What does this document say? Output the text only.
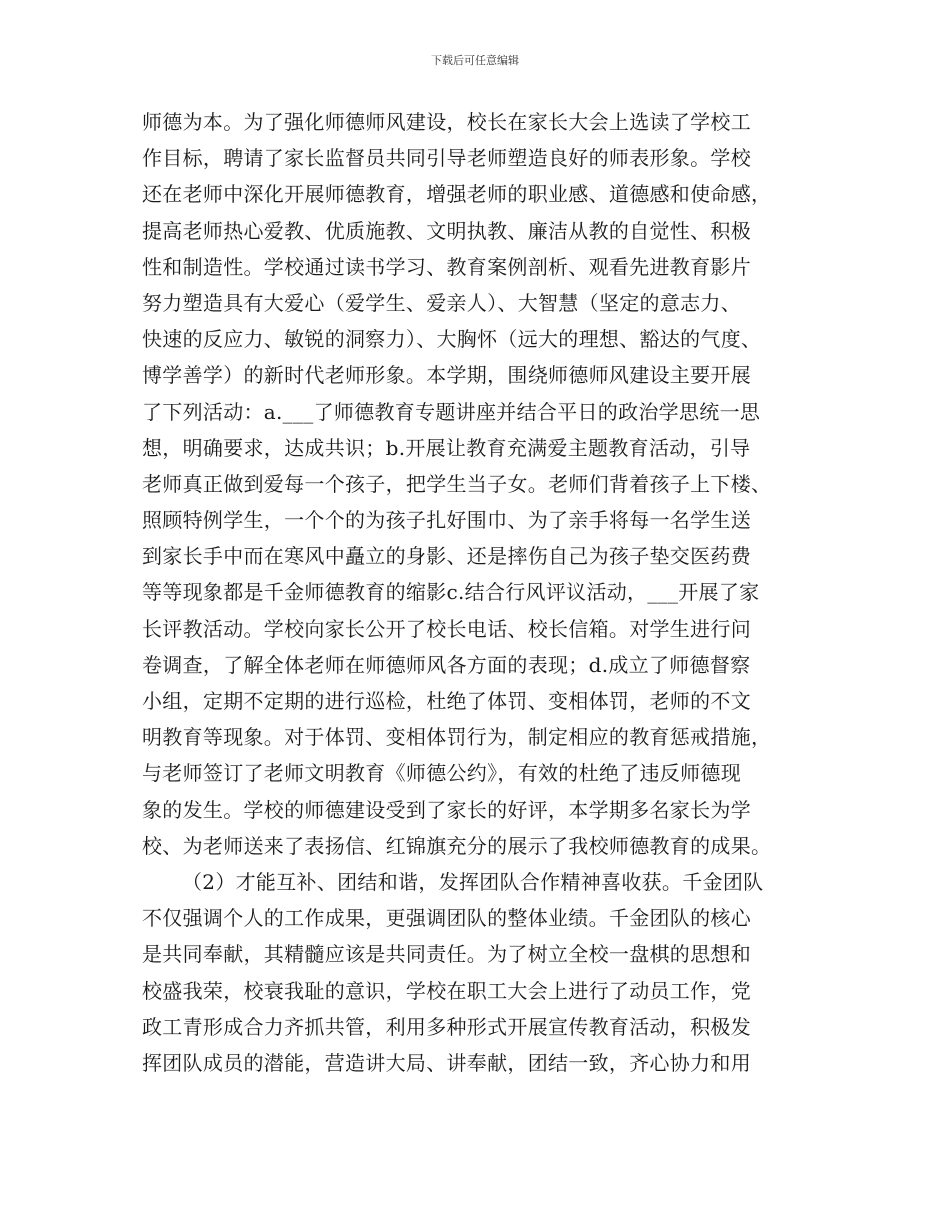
下载后可任意编辑
师德为本。为了强化师德师风建设，校长在家长大会上选读了学校工
作目标，聘请了家长监督员共同引导老师塑造良好的师表形象。学校
还在老师中深化开展师德教育，增强老师的职业感、道德感和使命感，
提高老师热心爱教、优质施教、文明执教、廉洁从教的自觉性、积极
性和制造性。学校通过读书学习、教育案例剖析、观看先进教育影片
努力塑造具有大爱心（爱学生、爱亲人）、大智慧（坚定的意志力、
快速的反应力、敏锐的洞察力）、大胸怀（远大的理想、豁达的气度、
博学善学）的新时代老师形象。本学期，围绕师德师风建设主要开展
了下列活动：a.___了师德教育专题讲座并结合平日的政治学思统一思
想，明确要求，达成共识；b.开展让教育充满爱主题教育活动，引导
老师真正做到爱每一个孩子，把学生当子女。老师们背着孩子上下楼、
照顾特例学生，一个个的为孩子扎好围巾、为了亲手将每一名学生送
到家长手中而在寒风中矗立的身影、还是摔伤自己为孩子垫交医药费
等等现象都是千金师德教育的缩影c.结合行风评议活动，___开展了家
长评教活动。学校向家长公开了校长电话、校长信箱。对学生进行问
卷调查，了解全体老师在师德师风各方面的表现；d.成立了师德督察
小组，定期不定期的进行巡检，杜绝了体罚、变相体罚，老师的不文
明教育等现象。对于体罚、变相体罚行为，制定相应的教育惩戒措施，
与老师签订了老师文明教育《师德公约》，有效的杜绝了违反师德现
象的发生。学校的师德建设受到了家长的好评，本学期多名家长为学
校、为老师送来了表扬信、红锦旗充分的展示了我校师德教育的成果。
（2）才能互补、团结和谐，发挥团队合作精神喜收获。千金团队
不仅强调个人的工作成果，更强调团队的整体业绩。千金团队的核心
是共同奉献，其精髓应该是共同责任。为了树立全校一盘棋的思想和
校盛我荣，校衰我耻的意识，学校在职工大会上进行了动员工作，党
政工青形成合力齐抓共管，利用多种形式开展宣传教育活动，积极发
挥团队成员的潜能，营造讲大局、讲奉献，团结一致，齐心协力和用
